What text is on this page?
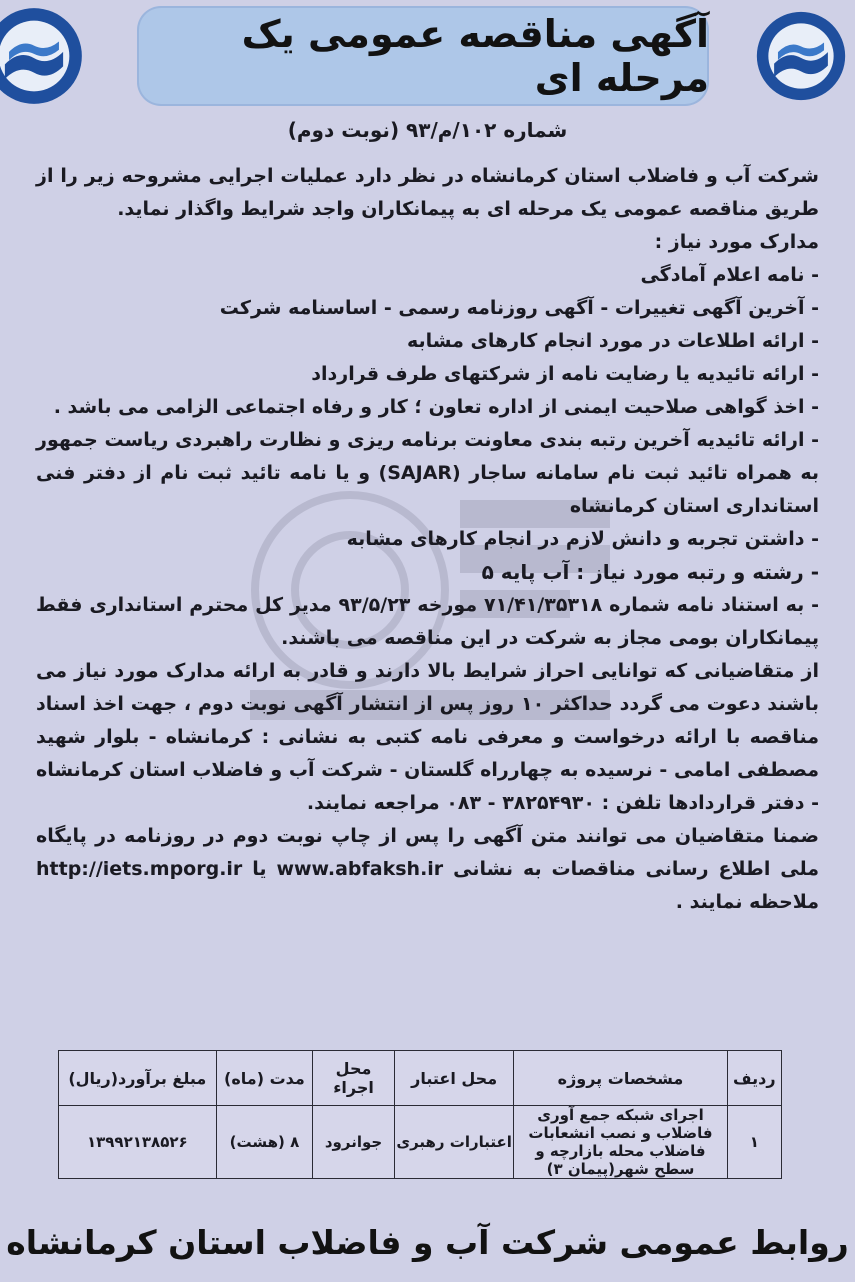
آگهی مناقصه عمومی یک مرحله ای
شماره ۱۰۲/م/۹۳ (نوبت دوم)

شرکت آب و فاضلاب استان کرمانشاه در نظر دارد عملیات اجرایی مشروحه زیر را از طریق مناقصه عمومی یک مرحله ای به پیمانکاران واجد شرایط واگذار نماید.

مدارک مورد نیاز :

- نامه اعلام آمادگی

- آخرین آگهی تغییرات - آگهی روزنامه رسمی - اساسنامه شرکت

- ارائه اطلاعات در مورد انجام کارهای مشابه

- ارائه تائیدیه یا رضایت نامه از شرکتهای طرف قرارداد

- اخذ گواهی صلاحیت ایمنی از اداره تعاون ؛ کار و رفاه اجتماعی الزامی می باشد .

- ارائه تائیدیه آخرین رتبه بندی معاونت برنامه ریزی و نظارت راهبردی ریاست جمهور به همراه تائید ثبت نام سامانه ساجار (SAJAR) و یا نامه تائید ثبت نام از دفتر فنی استانداری استان کرمانشاه

- داشتن تجربه و دانش لازم در انجام کارهای مشابه

- رشته و رتبه مورد نیاز : آب پایه ۵

- به استناد نامه شماره ۷۱/۴۱/۳۵۳۱۸ مورخه ۹۳/۵/۲۳ مدیر کل محترم استانداری فقط پیمانکاران بومی مجاز به شرکت در این مناقصه می باشند.

از متقاضیانی که توانایی احراز شرایط بالا دارند و قادر به ارائه مدارک مورد نیاز می باشند دعوت می گردد حداکثر ۱۰ روز پس از انتشار آگهی نوبت دوم ، جهت اخذ اسناد مناقصه با ارائه درخواست و معرفی نامه کتبی به نشانی : کرمانشاه - بلوار شهید مصطفی امامی - نرسیده به چهارراه گلستان - شرکت آب و فاضلاب استان کرمانشاه - دفتر قراردادها تلفن : ۳۸۲۵۴۹۳۰ - ۰۸۳ مراجعه نمایند.

ضمنا متقاضیان می توانند متن آگهی را پس از چاپ نوبت دوم در روزنامه در پایگاه ملی اطلاع رسانی مناقصات به نشانی www.abfaksh.ir یا http://iets.mporg.ir ملاحظه نمایند .

ردیف	مشخصات پروژه	محل اعتبار	محل اجراء	مدت (ماه)	مبلغ برآورد(ریال)
۱	اجرای شبکه جمع آوری فاضلاب و نصب انشعابات فاضلاب محله بازارچه و سطح شهر(پیمان ۳)	اعتبارات رهبری	جوانرود	۸ (هشت)	۱۳۹۹۲۱۳۸۵۲۶
روابط عمومی شرکت آب و فاضلاب استان کرمانشاه
